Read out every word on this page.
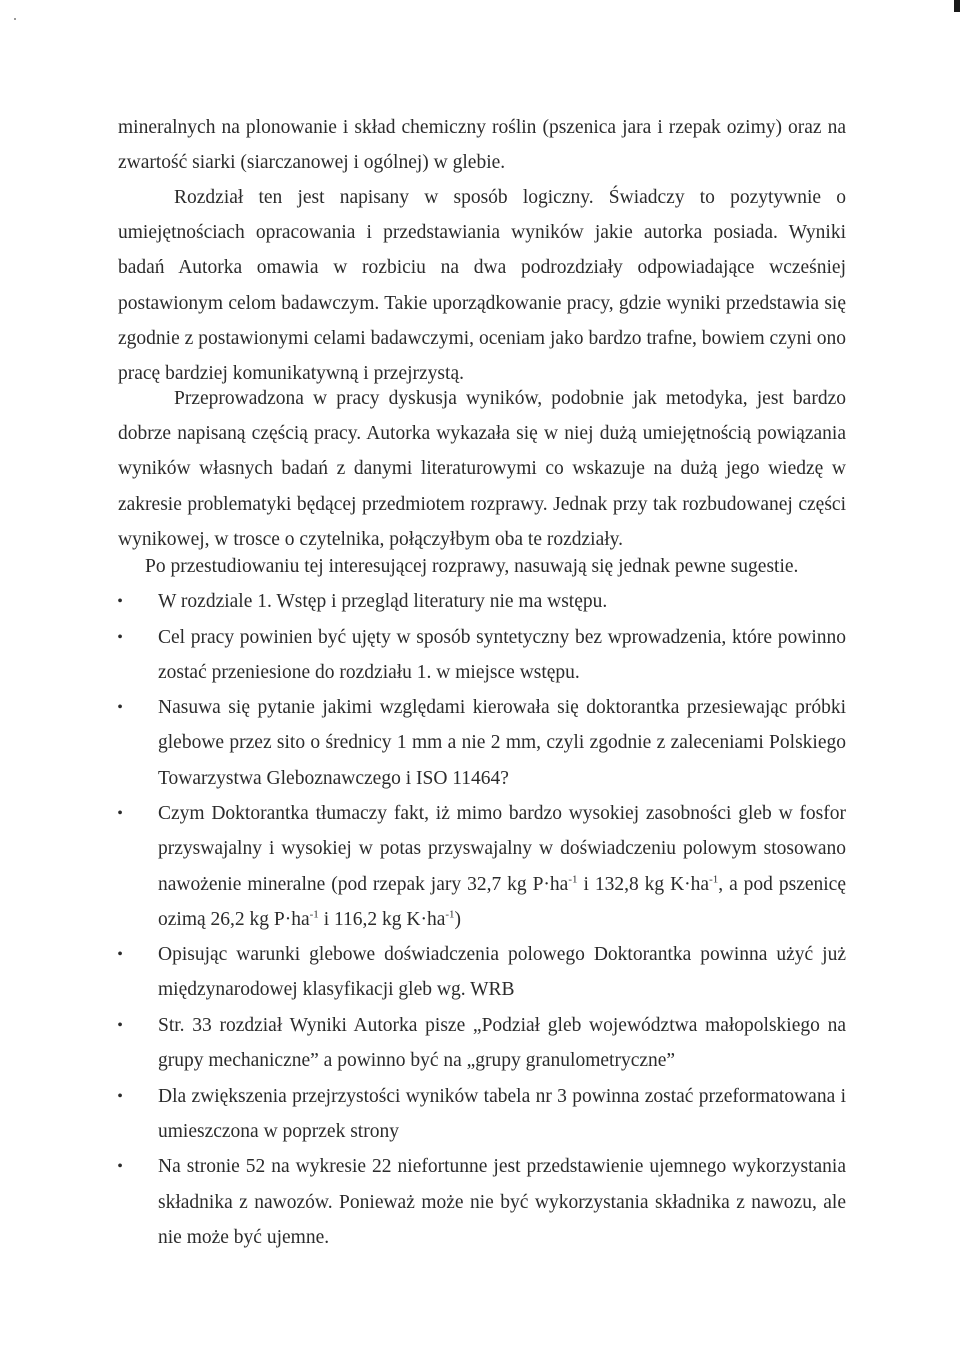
mineralnych na plonowanie i skład chemiczny roślin (pszenica jara i rzepak ozimy) oraz na zwartość siarki (siarczanowej i ogólnej) w glebie.

Rozdział ten jest napisany w sposób logiczny. Świadczy to pozytywnie o umiejętnościach opracowania i przedstawiania wyników jakie autorka posiada. Wyniki badań Autorka omawia w rozbiciu na dwa podrozdziały odpowiadające wcześniej postawionym celom badawczym. Takie uporządkowanie pracy, gdzie wyniki przedstawia się zgodnie z postawionymi celami badawczymi, oceniam jako bardzo trafne, bowiem czyni ono pracę bardziej komunikatywną i przejrzystą.

Przeprowadzona w pracy dyskusja wyników, podobnie jak metodyka, jest bardzo dobrze napisaną częścią pracy. Autorka wykazała się w niej dużą umiejętnością powiązania wyników własnych badań z danymi literaturowymi co wskazuje na dużą jego wiedzę w zakresie problematyki będącej przedmiotem rozprawy. Jednak przy tak rozbudowanej części wynikowej, w trosce o czytelnika, połączyłbym oba te rozdziały.

Po przestudiowaniu tej interesującej rozprawy, nasuwają się jednak pewne sugestie.

• W rozdziale 1. Wstęp i przegląd literatury nie ma wstępu.
• Cel pracy powinien być ujęty w sposób syntetyczny bez wprowadzenia, które powinno zostać przeniesione do rozdziału 1. w miejsce wstępu.
• Nasuwa się pytanie jakimi względami kierowała się doktorantka przesiewając próbki glebowe przez sito o średnicy 1 mm a nie 2 mm, czyli zgodnie z zaleceniami Polskiego Towarzystwa Gleboznawczego i ISO 11464?
• Czym Doktorantka tłumaczy fakt, iż mimo bardzo wysokiej zasobności gleb w fosfor przyswajalny i wysokiej w potas przyswajalny w doświadczeniu polowym stosowano nawożenie mineralne (pod rzepak jary 32,7 kg $P\cdot ha^{-1}$ i 132,8 kg $K\cdot ha^{-1}$, a pod pszenicę ozimą 26,2 kg $P\cdot ha^{-1}$ i 116,2 kg $K\cdot ha^{-1}$)
• Opisując warunki glebowe doświadczenia polowego Doktorantka powinna użyć już międzynarodowej klasyfikacji gleb wg. WRB
• Str. 33 rozdział Wyniki Autorka pisze „Podział gleb województwa małopolskiego na grupy mechaniczne” a powinno być na „grupy granulometryczne”
• Dla zwiększenia przejrzystości wyników tabela nr 3 powinna zostać przeformatowana i umieszczona w poprzek strony
• Na stronie 52 na wykresie 22 niefortunne jest przedstawienie ujemnego wykorzystania składnika z nawozów. Ponieważ może nie być wykorzystania składnika z nawozu, ale nie może być ujemne.
